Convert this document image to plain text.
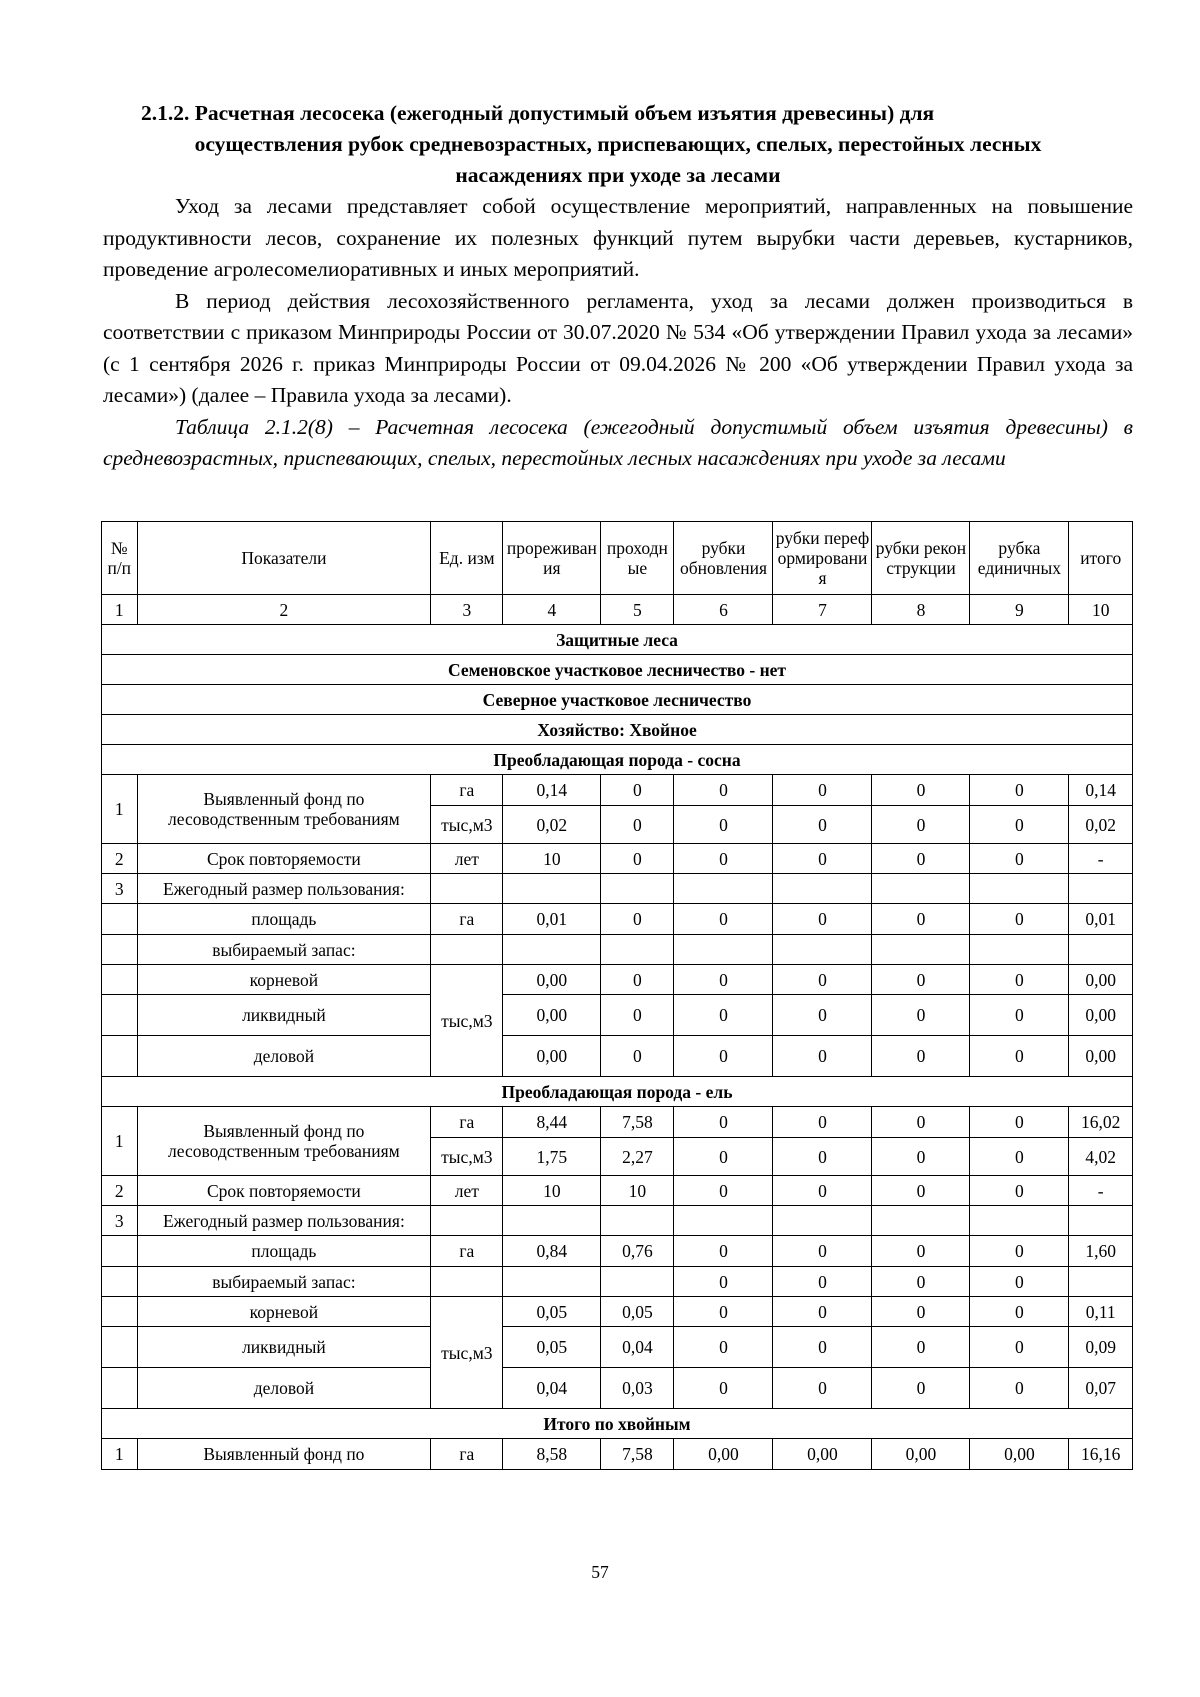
2.1.2. Расчетная лесосека (ежегодный допустимый объем изъятия древесины) для
осуществления рубок средневозрастных, приспевающих, спелых, перестойных лесных
насаждениях при уходе за лесами

Уход за лесами представляет собой осуществление мероприятий, направленных на повышение продуктивности лесов, сохранение их полезных функций путем вырубки части деревьев, кустарников, проведение агролесомелиоративных и иных мероприятий.

В период действия лесохозяйственного регламента, уход за лесами должен производиться в соответствии с приказом Минприроды России от 30.07.2020 № 534 «Об утверждении Правил ухода за лесами» (с 1 сентября 2026 г. приказ Минприроды России от 09.04.2026 № 200 «Об утверждении Правил ухода за лесами») (далее – Правила ухода за лесами).

Таблица 2.1.2(8) – Расчетная лесосека (ежегодный допустимый объем изъятия древесины) в средневозрастных, приспевающих, спелых, перестойных лесных насаждениях при уходе за лесами

№ п/п	Показатели	Ед. изм	прореживания	проходные	рубки обновления	рубки переформирования	рубки реконструкции	рубка единичных	итого
1	2	3	4	5	6	7	8	9	10
Защитные леса									
Семеновское участковое лесничество - нет									
Северное участковое лесничество									
Хозяйство: Хвойное									
Преобладающая порода - сосна									
1	Выявленный фонд по лесоводственным требованиям	га	0,14	0	0	0	0	0	0,14
		тыс,м3	0,02	0	0	0	0	0	0,02
2	Срок повторяемости	лет	10	0	0	0	0	0	-
3	Ежегодный размер пользования:								
	площадь	га	0,01	0	0	0	0	0	0,01
	выбираемый запас:								
	корневой	тыс,м3	0,00	0	0	0	0	0	0,00
	ликвидный		0,00	0	0	0	0	0	0,00
	деловой		0,00	0	0	0	0	0	0,00
Преобладающая порода - ель									
1	Выявленный фонд по лесоводственным требованиям	га	8,44	7,58	0	0	0	0	16,02
		тыс,м3	1,75	2,27	0	0	0	0	4,02
2	Срок повторяемости	лет	10	10	0	0	0	0	-
3	Ежегодный размер пользования:								
	площадь	га	0,84	0,76	0	0	0	0	1,60
	выбираемый запас:				0	0	0	0	
	корневой	тыс,м3	0,05	0,05	0	0	0	0	0,11
	ликвидный		0,05	0,04	0	0	0	0	0,09
	деловой		0,04	0,03	0	0	0	0	0,07
Итого по хвойным									
1	Выявленный фонд по	га	8,58	7,58	0,00	0,00	0,00	0,00	16,16
57
